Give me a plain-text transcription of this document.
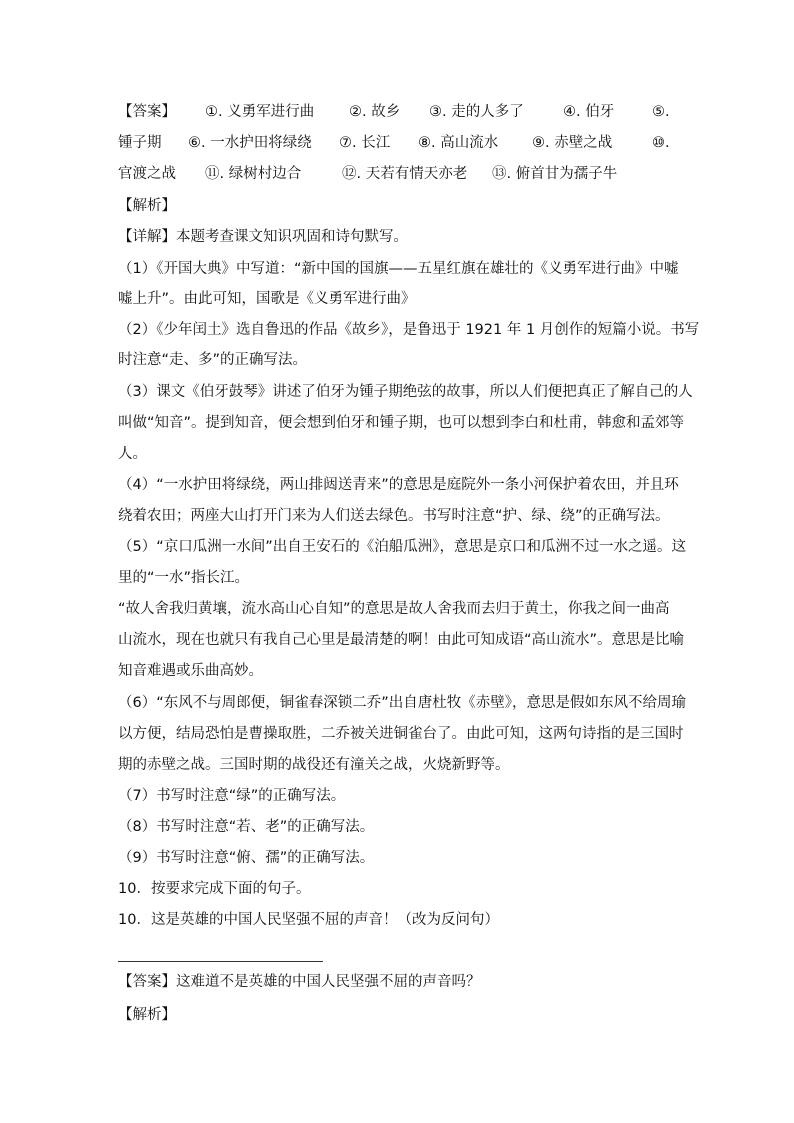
【答案】 ①. 义勇军进行曲 ②. 故乡 ③. 走的人多了	④. 伯牙	⑤.
锺子期 ⑥. 一水护田将绿绕 ⑦. 长江 ⑧. 高山流水 ⑨. 赤壁之战	⑩.
官渡之战 ⑪. 绿树村边合	⑫. 天若有情天亦老 ⑬. 俯首甘为孺子牛
【解析】
【详解】本题考查课文知识巩固和诗句默写。
（1）《开国大典》中写道：“新中国的国旗——五星红旗在雄壮的《义勇军进行曲》中嘘
嘘上升”。由此可知，国歌是《义勇军进行曲》
（2）《少年闰土》选自鲁迅的作品《故乡》，是鲁迅于 1921 年 1 月创作的短篇小说。书写
时注意“走、多”的正确写法。
（3）课文《伯牙鼓琴》讲述了伯牙为锺子期绝弦的故事，所以人们便把真正了解自己的人
叫做“知音”。提到知音，便会想到伯牙和锺子期，也可以想到李白和杜甫，韩愈和孟郊等
人。
（4）“一水护田将绿绕，两山排闼送青来”的意思是庭院外一条小河保护着农田，并且环
绕着农田；两座大山打开门来为人们送去绿色。书写时注意“护、绿、绕”的正确写法。
（5）“京口瓜洲一水间”出自王安石的《泊船瓜洲》，意思是京口和瓜洲不过一水之遥。这
里的“一水”指长江。
“故人舍我归黄壤，流水高山心自知”的意思是故人舍我而去归于黄土，你我之间一曲高
山流水，现在也就只有我自己心里是最清楚的啊！由此可知成语“高山流水”。意思是比喻
知音难遇或乐曲高妙。
（6）“东风不与周郎便，铜雀春深锁二乔”出自唐杜牧《赤壁》，意思是假如东风不给周瑜
以方便，结局恐怕是曹操取胜，二乔被关进铜雀台了。由此可知，这两句诗指的是三国时
期的赤壁之战。三国时期的战役还有潼关之战，火烧新野等。
（7）书写时注意“绿”的正确写法。
（8）书写时注意“若、老”的正确写法。
（9）书写时注意“俯、孺”的正确写法。
10．按要求完成下面的句子。
10．这是英雄的中国人民坚强不屈的声音！（改为反问句）
【答案】这难道不是英雄的中国人民坚强不屈的声音吗？
【解析】
